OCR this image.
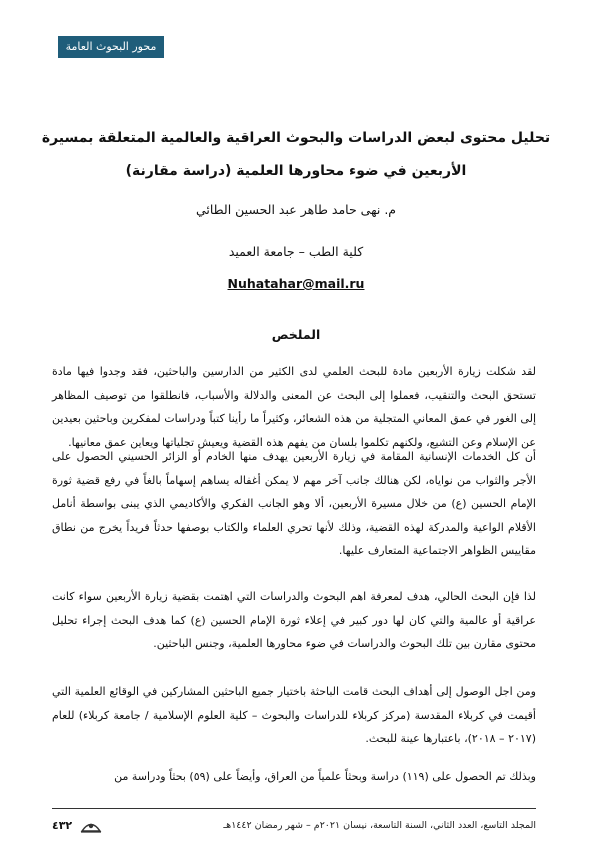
محور البحوث العامة
تحليل محتوى لبعض الدراسات والبحوث العراقية والعالمية المتعلقة بمسيرة
الأربعين في ضوء محاورها العلمية (دراسة مقارنة)
م. نهى حامد طاهر عبد الحسين الطائي
كلية الطب – جامعة العميد
Nuhatahar@mail.ru
الملخص

لقد شكلت زيارة الأربعين مادة للبحث العلمي لدى الكثير من الدارسين والباحثين، فقد وجدوا فيها مادة تستحق البحث والتنقيب، فعملوا إلى البحث عن المعنى والدلالة والأسباب، فانطلقوا من توصيف المظاهر إلى الغور في عمق المعاني المتجلية من هذه الشعائر، وكثيراً ما رأينا كتباً ودراسات لمفكرين وباحثين بعيدين عن الإسلام وعن التشيع، ولكنهم تكلموا بلسان من يفهم هذه القضية ويعيش تجلياتها ويعاين عمق معانيها.

أن كل الخدمات الإنسانية المقامة في زيارة الأربعين يهدف منها الخادم أو الزائر الحسيني الحصول على الأجر والثواب من نواياه، لكن هنالك جانب آخر مهم لا يمكن أغفاله يساهم إسهاماً بالغاً في رفع قضية ثورة الإمام الحسين (ع) من خلال مسيرة الأربعين، ألا وهو الجانب الفكري والأكاديمي الذي يبنى بواسطة أنامل الأقلام الواعية والمدركة لهذه القضية، وذلك لأنها تحري العلماء والكتاب بوصفها حدثاً فريداً يخرج من نطاق مقاييس الظواهر الاجتماعية المتعارف عليها.

لذا فإن البحث الحالي، هدف لمعرفة اهم البحوث والدراسات التي اهتمت بقضية زيارة الأربعين سواء كانت عراقية أو عالمية والتي كان لها دور كبير في إعلاء ثورة الإمام الحسين (ع) كما هدف البحث إجراء تحليل محتوى مقارن بين تلك البحوث والدراسات في ضوء محاورها العلمية، وجنس الباحثين.

ومن اجل الوصول إلى أهداف البحث قامت الباحثة باختيار جميع الباحثين المشاركين في الوقائع العلمية التي أقيمت في كربلاء المقدسة (مركز كربلاء للدراسات والبحوث – كلية العلوم الإسلامية / جامعة كربلاء) للعام (٢٠١٧ – ٢٠١٨)، باعتبارها عينة للبحث.

وبذلك تم الحصول على (١١٩) دراسة وبحثاً علمياً من العراق، وأيضاً على (٥٩) بحثاً ودراسة من

٤٣٢	المجلد التاسع، العدد الثاني، السنة التاسعة، نيسان ٢٠٢١م – شهر رمضان ١٤٤٢هـ
